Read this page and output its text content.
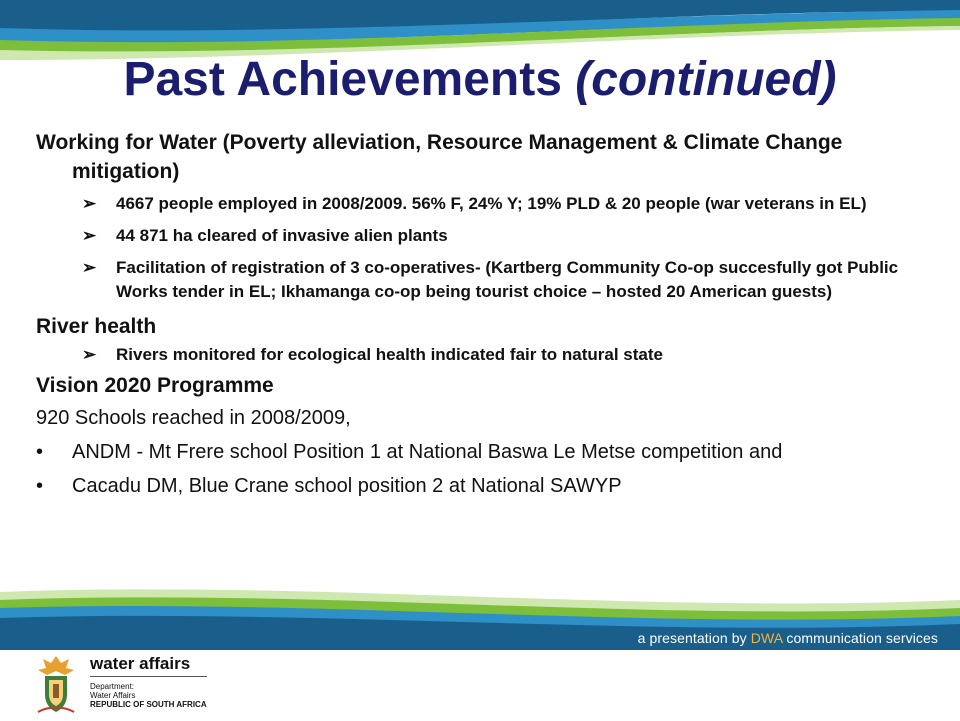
Past Achievements (continued)
Working for Water (Poverty alleviation, Resource Management & Climate Change mitigation)
➢ 4667 people employed in 2008/2009. 56% F, 24% Y; 19% PLD & 20 people (war veterans in EL)
➢ 44 871 ha cleared of invasive alien plants
➢ Facilitation of registration of 3 co-operatives- (Kartberg Community Co-op succesfully got Public Works tender in EL; Ikhamanga co-op being tourist choice – hosted 20 American guests)
River health
➢ Rivers monitored for ecological health indicated fair to natural state
Vision 2020 Programme
920 Schools reached in 2008/2009,
• ANDM - Mt Frere school Position 1 at National Baswa Le Metse competition and
• Cacadu DM, Blue Crane school position 2 at National SAWYP
a presentation by DWA communication services
water affairs
Department:
Water Affairs
REPUBLIC OF SOUTH AFRICA
